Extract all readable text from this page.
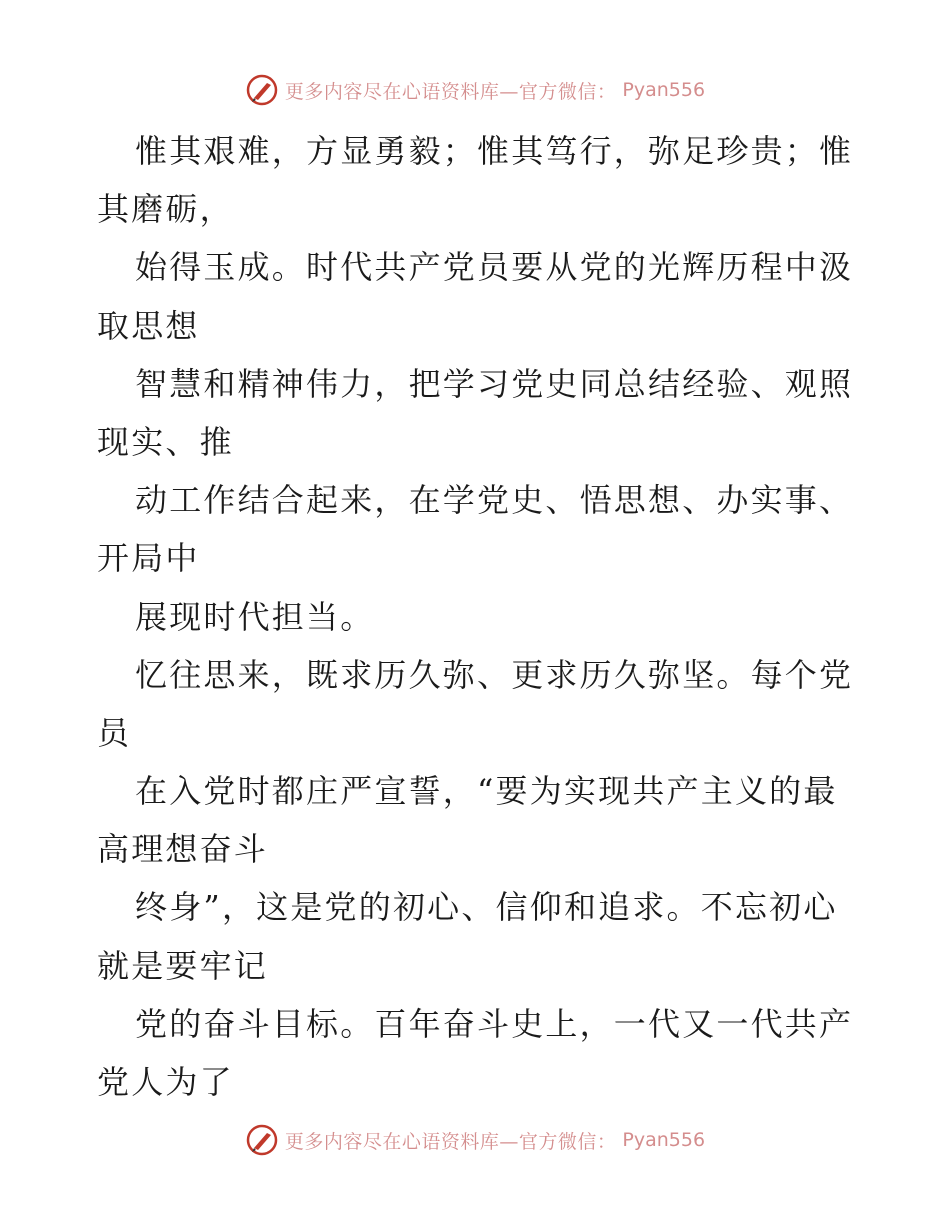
更多内容尽在心语资料库—官方微信： Pyan556
惟其艰难，方显勇毅；惟其笃行，弥足珍贵；惟
其磨砺，
始得玉成。时代共产党员要从党的光辉历程中汲
取思想
智慧和精神伟力，把学习党史同总结经验、观照
现实、推
动工作结合起来，在学党史、悟思想、办实事、
开局中
展现时代担当。
忆往思来，既求历久弥、更求历久弥坚。每个党
员
在入党时都庄严宣誓，“要为实现共产主义的最
高理想奋斗
终身”，这是党的初心、信仰和追求。不忘初心
就是要牢记
党的奋斗目标。百年奋斗史上，一代又一代共产
党人为了
更多内容尽在心语资料库—官方微信： Pyan556
